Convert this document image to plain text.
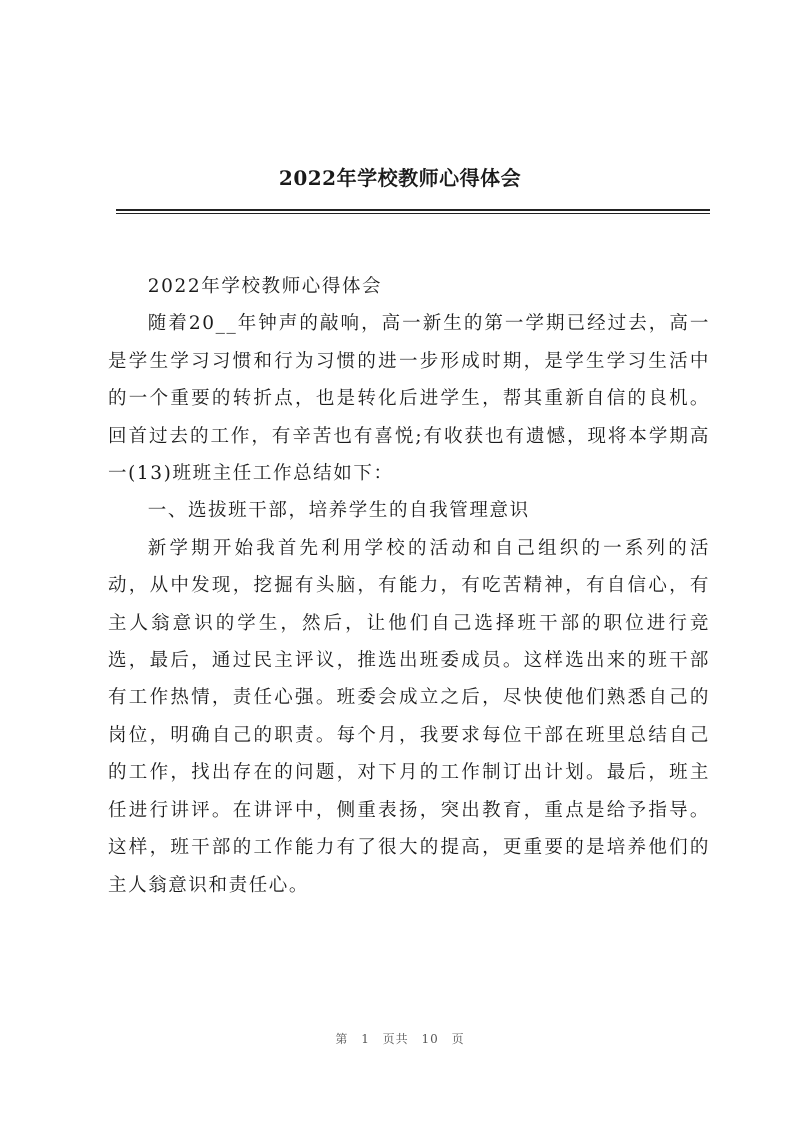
2022年学校教师心得体会

2022年学校教师心得体会

随着20__年钟声的敲响，高一新生的第一学期已经过去，高一是学生学习习惯和行为习惯的进一步形成时期，是学生学习生活中的一个重要的转折点，也是转化后进学生，帮其重新自信的良机。回首过去的工作，有辛苦也有喜悦;有收获也有遗憾，现将本学期高一(13)班班主任工作总结如下：

一、选拔班干部，培养学生的自我管理意识

新学期开始我首先利用学校的活动和自己组织的一系列的活动，从中发现，挖掘有头脑，有能力，有吃苦精神，有自信心，有主人翁意识的学生，然后，让他们自己选择班干部的职位进行竞选，最后，通过民主评议，推选出班委成员。这样选出来的班干部有工作热情，责任心强。班委会成立之后，尽快使他们熟悉自己的岗位，明确自己的职责。每个月，我要求每位干部在班里总结自己的工作，找出存在的问题，对下月的工作制订出计划。最后，班主任进行讲评。在讲评中，侧重表扬，突出教育，重点是给予指导。这样，班干部的工作能力有了很大的提高，更重要的是培养他们的主人翁意识和责任心。

第 1 页共 10 页
